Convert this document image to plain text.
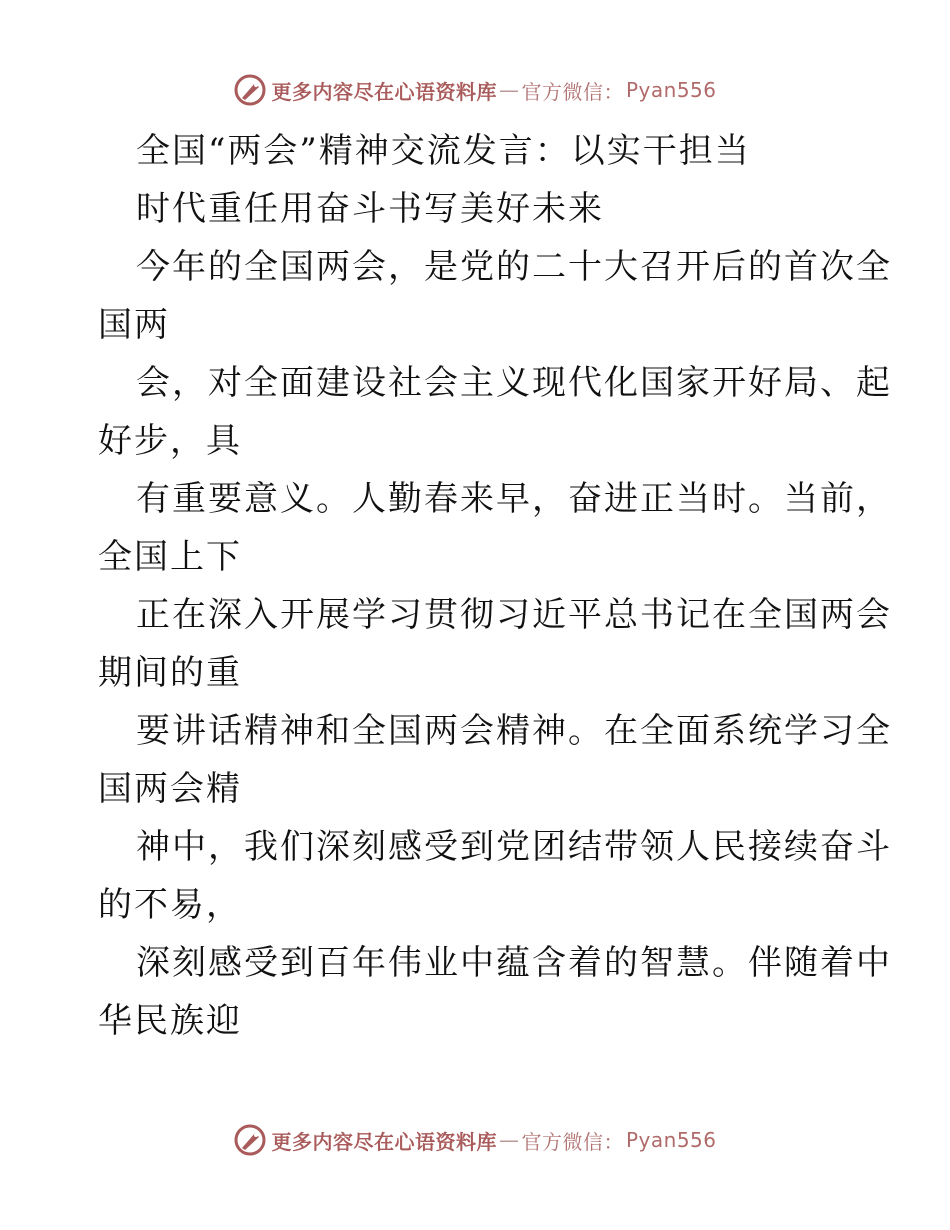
更多内容尽在心语资料库 — 官方微信： Pyan556
全国“两会”精神交流发言：以实干担当
时代重任用奋斗书写美好未来
今年的全国两会，是党的二十大召开后的首次全
国两
会，对全面建设社会主义现代化国家开好局、起
好步，具
有重要意义。人勤春来早，奋进正当时。当前，
全国上下
正在深入开展学习贯彻习近平总书记在全国两会
期间的重
要讲话精神和全国两会精神。在全面系统学习全
国两会精
神中，我们深刻感受到党团结带领人民接续奋斗
的不易，
深刻感受到百年伟业中蕴含着的智慧。伴随着中
华民族迎
更多内容尽在心语资料库 — 官方微信： Pyan556
